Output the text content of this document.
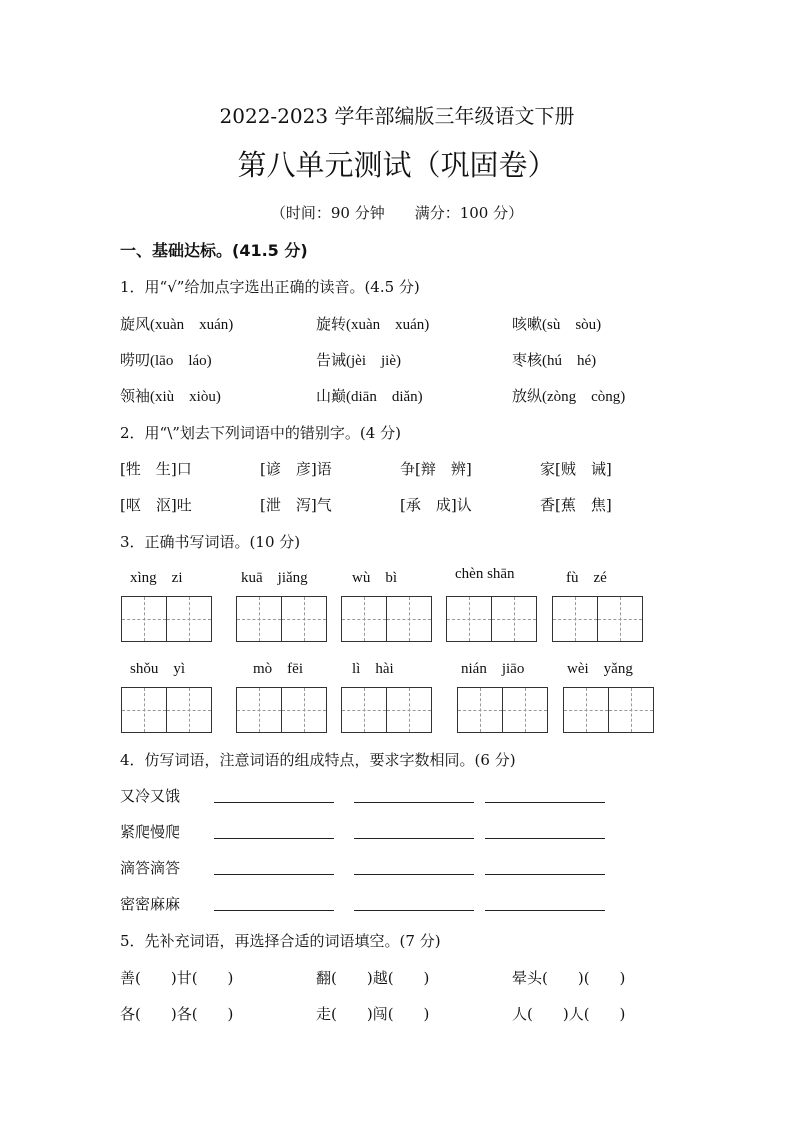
2022-2023 学年部编版三年级语文下册
第八单元测试（巩固卷）
（时间：90 分钟　　满分：100 分）
一、基础达标。(41.5 分)
1．用“√”给加点字选出正确的读音。(4.5 分)
旋风(xuàn　xuán)	旋转(xuàn　xuán)	咳嗽(sù　sòu)
唠叨(lāo　láo)	告诫(jèi　jiè)	枣核(hú　hé)
领袖(xiù　xiòu)	山巅(diān　diǎn)	放纵(zòng　còng)
2．用“\”划去下列词语中的错别字。(4 分)
[牲　生]口	[谚　彦]语	争[辩　辨]	家[贼　诫]
[呕　沤]吐	[泄　泻]气	[承　成]认	香[蕉　焦]
3．正确书写词语。(10 分)
xìng　zi	kuā　jiǎng	wù　bì	chèn shān	fù　zé
shǒu　yì	mò　fēi	lì　hài	nián　jiāo	wèi　yǎng
4．仿写词语，注意词语的组成特点，要求字数相同。(6 分)
又冷又饿
紧爬慢爬
滴答滴答
密密麻麻
5．先补充词语，再选择合适的词语填空。(7 分)
善(　　)甘(　　)	翻(　　)越(　　)	晕头(　　)(　　)
各(　　)各(　　)	走(　　)闯(　　)	人(　　)人(　　)
